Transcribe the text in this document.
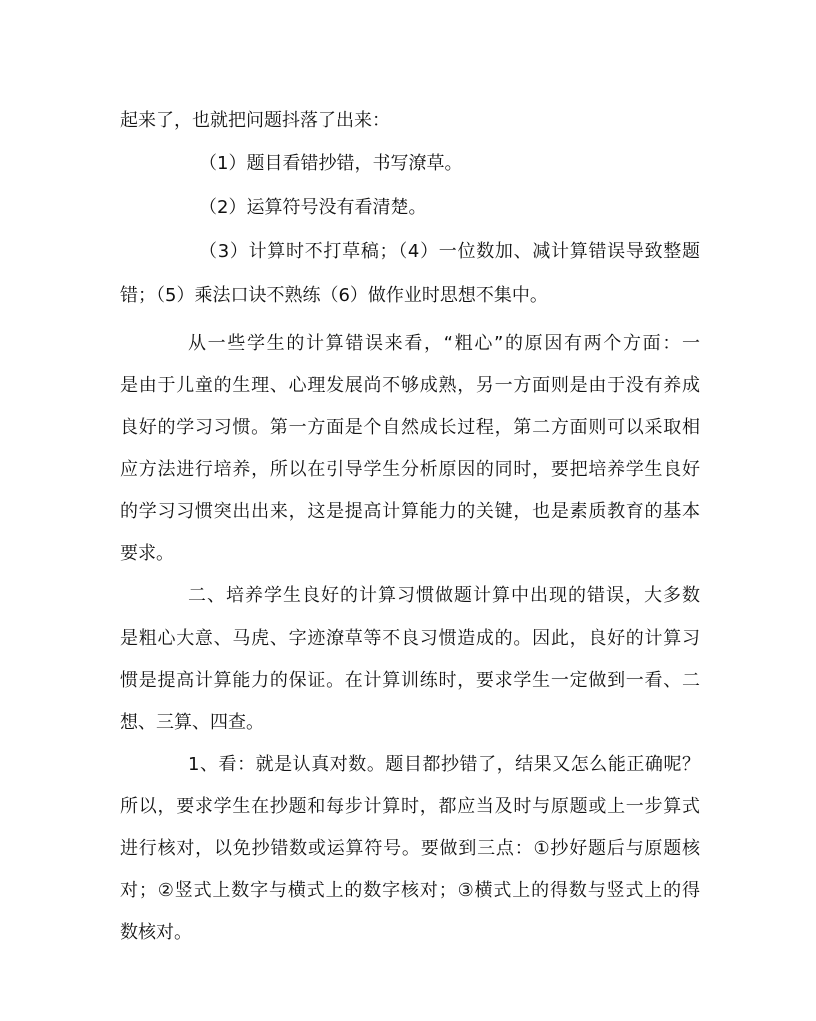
起来了，也就把问题抖落了出来：
（1）题目看错抄错，书写潦草。
（2）运算符号没有看清楚。
（3）计算时不打草稿；（4）一位数加、减计算错误导致整题
错；（5）乘法口诀不熟练（6）做作业时思想不集中。
从一些学生的计算错误来看，“粗心”的原因有两个方面：一
是由于儿童的生理、心理发展尚不够成熟，另一方面则是由于没有养成
良好的学习习惯。第一方面是个自然成长过程，第二方面则可以采取相
应方法进行培养，所以在引导学生分析原因的同时，要把培养学生良好
的学习习惯突出出来，这是提高计算能力的关键，也是素质教育的基本
要求。
二、培养学生良好的计算习惯做题计算中出现的错误，大多数
是粗心大意、马虎、字迹潦草等不良习惯造成的。因此，良好的计算习
惯是提高计算能力的保证。在计算训练时，要求学生一定做到一看、二
想、三算、四查。
1、看：就是认真对数。题目都抄错了，结果又怎么能正确呢？
所以，要求学生在抄题和每步计算时，都应当及时与原题或上一步算式
进行核对，以免抄错数或运算符号。要做到三点：①抄好题后与原题核
对；②竖式上数字与横式上的数字核对；③横式上的得数与竖式上的得
数核对。
